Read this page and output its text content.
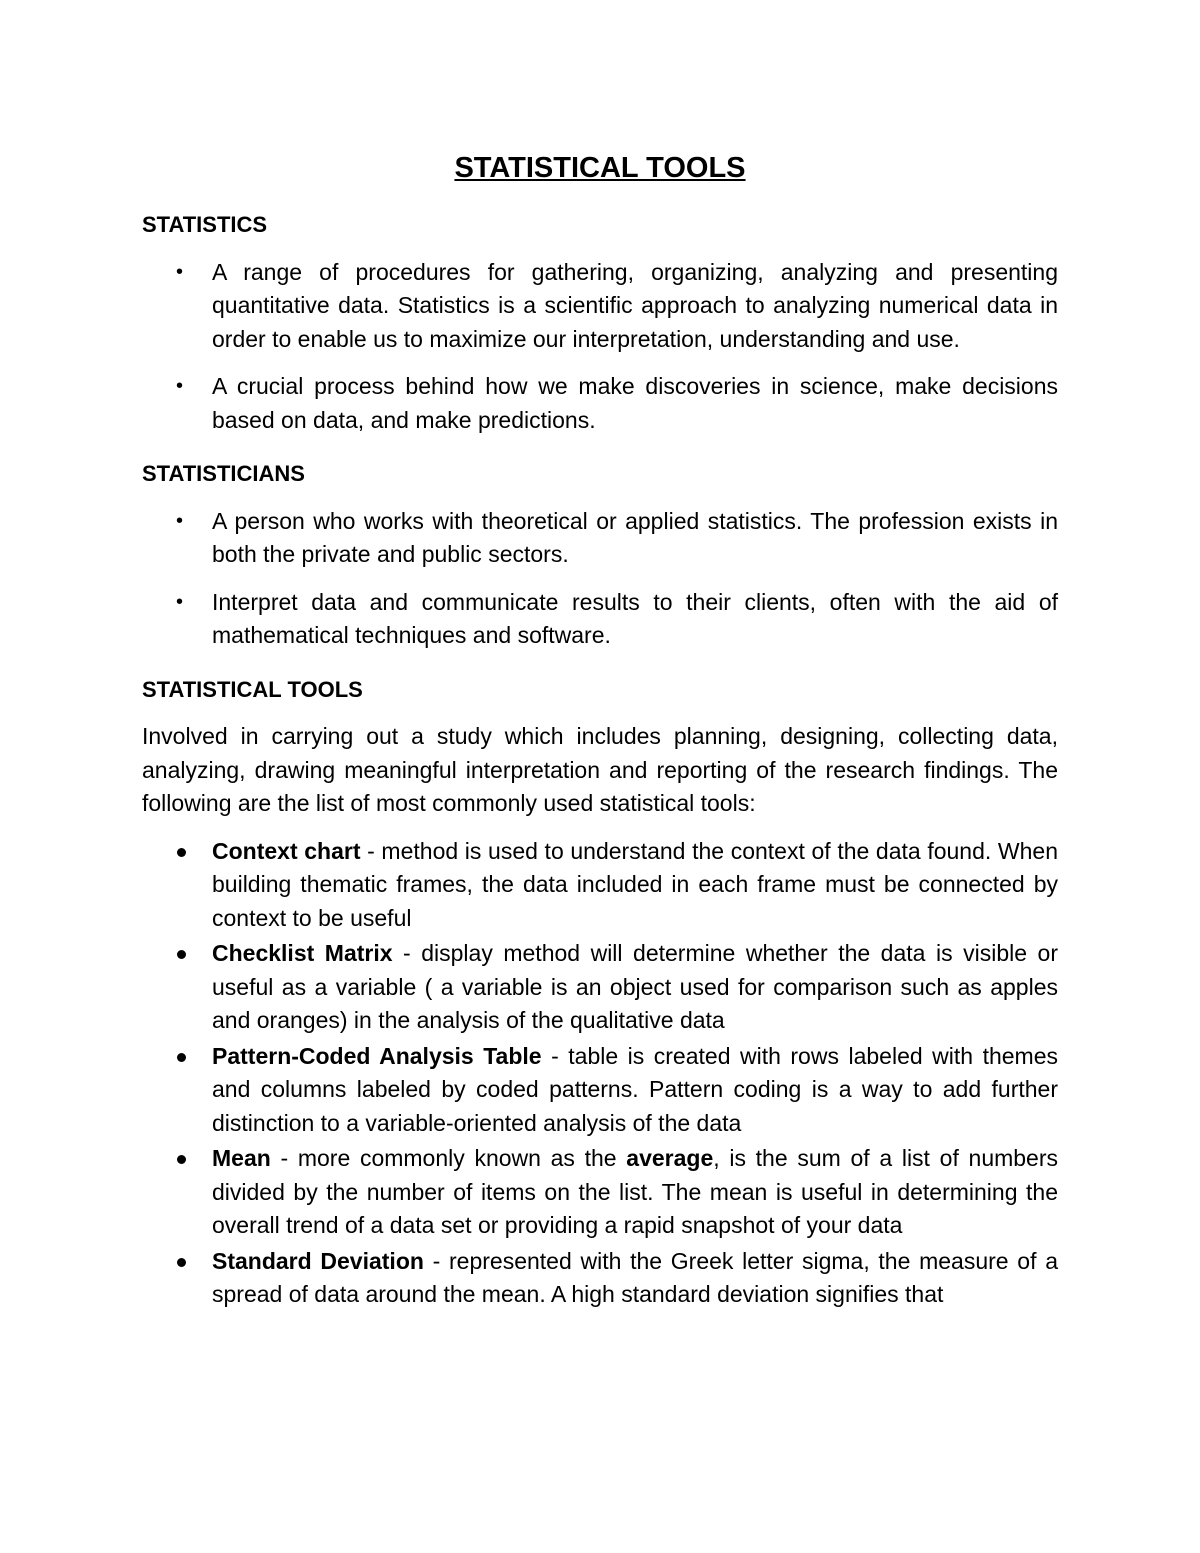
STATISTICAL TOOLS
STATISTICS
• A range of procedures for gathering, organizing, analyzing and presenting quantitative data. Statistics is a scientific approach to analyzing numerical data in order to enable us to maximize our interpretation, understanding and use.
• A crucial process behind how we make discoveries in science, make decisions based on data, and make predictions.
STATISTICIANS
• A person who works with theoretical or applied statistics. The profession exists in both the private and public sectors.
• Interpret data and communicate results to their clients, often with the aid of mathematical techniques and software.
STATISTICAL TOOLS

Involved in carrying out a study which includes planning, designing, collecting data, analyzing, drawing meaningful interpretation and reporting of the research findings. The following are the list of most commonly used statistical tools:

Context chart - method is used to understand the context of the data found. When building thematic frames, the data included in each frame must be connected by context to be useful
Checklist Matrix - display method will determine whether the data is visible or useful as a variable ( a variable is an object used for comparison such as apples and oranges) in the analysis of the qualitative data
Pattern-Coded Analysis Table - table is created with rows labeled with themes and columns labeled by coded patterns. Pattern coding is a way to add further distinction to a variable-oriented analysis of the data
Mean - more commonly known as the average, is the sum of a list of numbers divided by the number of items on the list. The mean is useful in determining the overall trend of a data set or providing a rapid snapshot of your data
Standard Deviation - represented with the Greek letter sigma, the measure of a spread of data around the mean. A high standard deviation signifies that
